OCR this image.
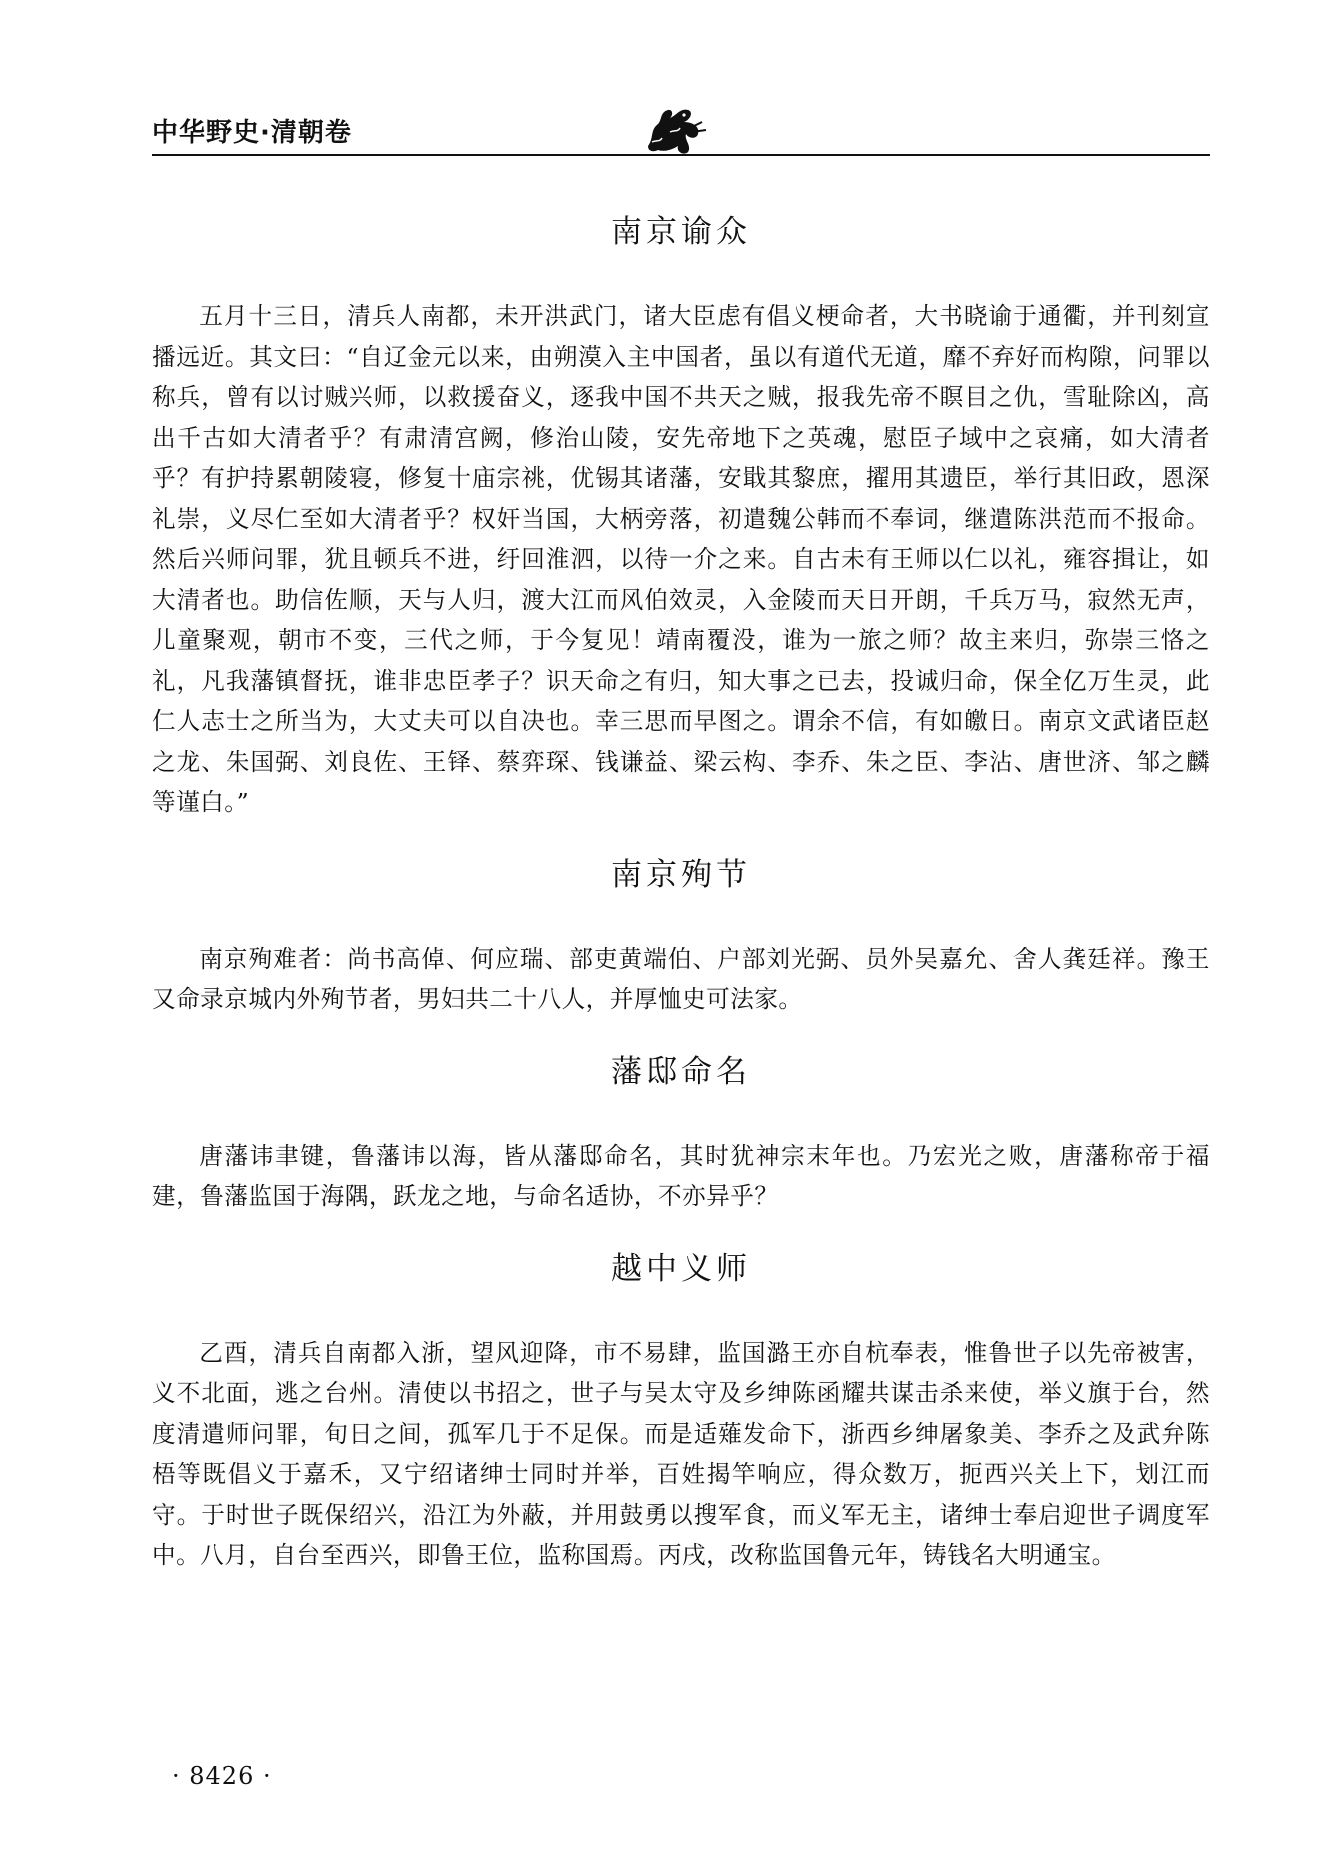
中华野史·清朝卷
南京谕众

五月十三日，清兵人南都，未开洪武门，诸大臣虑有倡义梗命者，大书晓谕于通衢，并刊刻宣播远近。其文曰：“自辽金元以来，由朔漠入主中国者，虽以有道代无道，靡不弃好而构隙，问罪以称兵，曾有以讨贼兴师，以救援奋义，逐我中国不共天之贼，报我先帝不瞑目之仇，雪耻除凶，高出千古如大清者乎？有肃清宫阙，修治山陵，安先帝地下之英魂，慰臣子域中之哀痛，如大清者乎？有护持累朝陵寝，修复十庙宗祧，优锡其诸藩，安戢其黎庶，擢用其遗臣，举行其旧政，恩深礼崇，义尽仁至如大清者乎？权奸当国，大柄旁落，初遣魏公韩而不奉词，继遣陈洪范而不报命。然后兴师问罪，犹且顿兵不进，纡回淮泗，以待一介之来。自古未有王师以仁以礼，雍容揖让，如大清者也。助信佐顺，天与人归，渡大江而风伯效灵，入金陵而天日开朗，千兵万马，寂然无声，儿童聚观，朝市不变，三代之师，于今复见！靖南覆没，谁为一旅之师？故主来归，弥崇三恪之礼，凡我藩镇督抚，谁非忠臣孝子？识天命之有归，知大事之已去，投诚归命，保全亿万生灵，此仁人志士之所当为，大丈夫可以自决也。幸三思而早图之。谓余不信，有如皦日。南京文武诸臣赵之龙、朱国弼、刘良佐、王铎、蔡弈琛、钱谦益、梁云构、李乔、朱之臣、李沾、唐世济、邹之麟等谨白。”

南京殉节

南京殉难者：尚书高倬、何应瑞、部吏黄端伯、户部刘光弼、员外吴嘉允、舍人龚廷祥。豫王又命录京城内外殉节者，男妇共二十八人，并厚恤史可法家。

藩邸命名

唐藩讳聿键，鲁藩讳以海，皆从藩邸命名，其时犹神宗末年也。乃宏光之败，唐藩称帝于福建，鲁藩监国于海隅，跃龙之地，与命名适协，不亦异乎？

越中义师

乙酉，清兵自南都入浙，望风迎降，市不易肆，监国潞王亦自杭奉表，惟鲁世子以先帝被害，义不北面，逃之台州。清使以书招之，世子与吴太守及乡绅陈函耀共谋击杀来使，举义旗于台，然度清遣师问罪，旬日之间，孤军几于不足保。而是适薙发命下，浙西乡绅屠象美、李乔之及武弁陈梧等既倡义于嘉禾，又宁绍诸绅士同时并举，百姓揭竿响应，得众数万，扼西兴关上下，划江而守。于时世子既保绍兴，沿江为外蔽，并用鼓勇以搜军食，而义军无主，诸绅士奉启迎世子调度军中。八月，自台至西兴，即鲁王位，监称国焉。丙戌，改称监国鲁元年，铸钱名大明通宝。

· 8426 ·
